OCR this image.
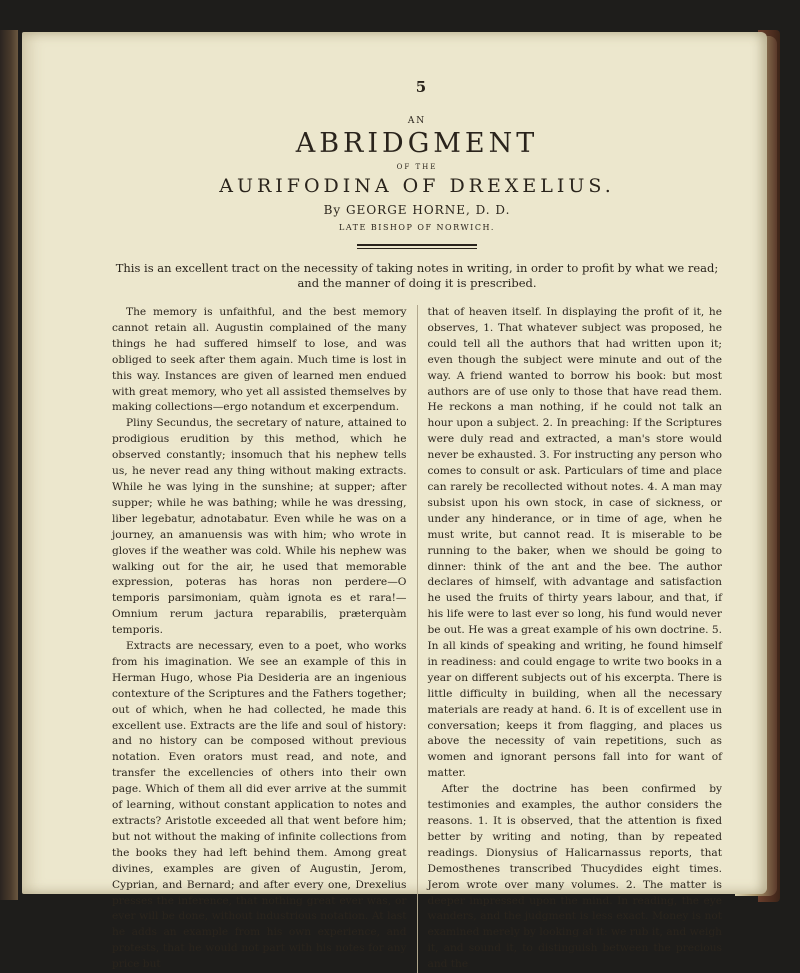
5
AN
ABRIDGMENT
OF THE
AURIFODINA OF DREXELIUS.
By GEORGE HORNE, D. D.
LATE BISHOP OF NORWICH.
This is an excellent tract on the necessity of taking notes in writing, in order to profit by what we read; and the manner of doing it is prescribed.

The memory is unfaithful, and the best memory cannot retain all. Augustin complained of the many things he had suffered himself to lose, and was obliged to seek after them again. Much time is lost in this way. Instances are given of learned men endued with great memory, who yet all assisted themselves by making collections—ergo notandum et excerpendum.

Pliny Secundus, the secretary of nature, attained to prodigious erudition by this method, which he observed constantly; insomuch that his nephew tells us, he never read any thing without making extracts. While he was lying in the sunshine; at supper; after supper; while he was bathing; while he was dressing, liber legebatur, adnotabatur. Even while he was on a journey, an amanuensis was with him; who wrote in gloves if the weather was cold. While his nephew was walking out for the air, he used that memorable expression, poteras has horas non perdere—O temporis parsimoniam, quàm ignota es et rara!—Omnium rerum jactura reparabilis, præterquàm temporis.

Extracts are necessary, even to a poet, who works from his imagination. We see an example of this in Herman Hugo, whose Pia Desideria are an ingenious contexture of the Scriptures and the Fathers together; out of which, when he had collected, he made this excellent use. Extracts are the life and soul of history: and no history can be composed without previous notation. Even orators must read, and note, and transfer the excellencies of others into their own page. Which of them all did ever arrive at the summit of learning, without constant application to notes and extracts? Aristotle exceeded all that went before him; but not without the making of infinite collections from the books they had left behind them. Among great divines, examples are given of Augustin, Jerom, Cyprian, and Bernard; and after every one, Drexelius presses the inference, that nothing great ever was, or ever will be done, without industrious notation. At last he adds an example from his own experience, and protests, that he would not part with his notes for any price but

that of heaven itself. In displaying the profit of it, he observes, 1. That whatever subject was proposed, he could tell all the authors that had written upon it; even though the subject were minute and out of the way. A friend wanted to borrow his book: but most authors are of use only to those that have read them. He reckons a man nothing, if he could not talk an hour upon a subject. 2. In preaching: If the Scriptures were duly read and extracted, a man's store would never be exhausted. 3. For instructing any person who comes to consult or ask. Particulars of time and place can rarely be recollected without notes. 4. A man may subsist upon his own stock, in case of sickness, or under any hinderance, or in time of age, when he must write, but cannot read. It is miserable to be running to the baker, when we should be going to dinner: think of the ant and the bee. The author declares of himself, with advantage and satisfaction he used the fruits of thirty years labour, and that, if his life were to last ever so long, his fund would never be out. He was a great example of his own doctrine. 5. In all kinds of speaking and writing, he found himself in readiness: and could engage to write two books in a year on different subjects out of his excerpta. There is little difficulty in building, when all the necessary materials are ready at hand. 6. It is of excellent use in conversation; keeps it from flagging, and places us above the necessity of vain repetitions, such as women and ignorant persons fall into for want of matter.

After the doctrine has been confirmed by testimonies and examples, the author considers the reasons. 1. It is observed, that the attention is fixed better by writing and noting, than by repeated readings. Dionysius of Halicarnassus reports, that Demosthenes transcribed Thucydides eight times. Jerom wrote over many volumes. 2. The matter is deeper impressed upon the mind. In reading, the eye wanders, and the judgment is less exact. Money is not examined merely by looking at it: we rub it, and weigh it, and sound it, to distinguish between the precious and the
